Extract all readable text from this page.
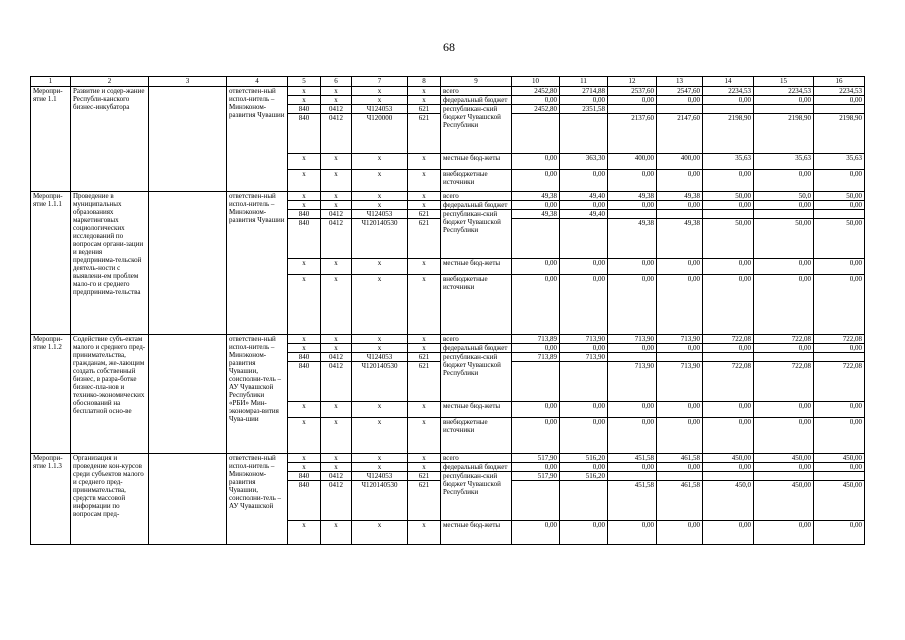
68
1	2	3	4	5	6	7	8	9	10	11	12	13	14	15	16
Меропри-ятие 1.1	Развитие и содер-жание Республи-канского бизнес-инкубатора		ответствен-ный испол-нитель – Минэконом-развития Чувашии	x	x	x	x	всего	2452,80	2714,88	2537,60	2547,60	2234,53	2234,53	2234,53
				x	x	x	x	федеральный бюджет	0,00	0,00	0,00	0,00	0,00	0,00	0,00
				840	0412	Ч124053	621	республикан-ский бюджет Чувашской Республики	2452,80	2351,58					
				840	0412	Ч120000	621				2137,60	2147,60	2198,90	2198,90	2198,90
				x	x	x	x	местные бюд-жеты	0,00	363,30	400,00	400,00	35,63	35,63	35,63
				x	x	x	x	внебюджетные источники	0,00	0,00	0,00	0,00	0,00	0,00	0,00
Меропри-ятие 1.1.1	Проведение в муниципальных образованиях маркетинговых социологических исследований по вопросам органи-зации и ведения предпринима-тельской деятель-ности с выявлени-ем проблем мало-го и среднего предпринима-тельства		ответствен-ный испол-нитель – Минэконом-развития Чувашии	x	x	x	x	всего	49,38	49,40	49,38	49,38	50,00	50,0	50,00
				x	x	x	x	федеральный бюджет	0,00	0,00	0,00	0,00	0,00	0,00	0,00
				840	0412	Ч124053	621	республикан-ский бюджет Чувашской Республики	49,38	49,40					
				840	0412	Ч120140530	621				49,38	49,38	50,00	50,00	50,00
				x	x	x	x	местные бюд-жеты	0,00	0,00	0,00	0,00	0,00	0,00	0,00
				x	x	x	x	внебюджетные источники	0,00	0,00	0,00	0,00	0,00	0,00	0,00
Меропри-ятие 1.1.2	Содействие субъ-ектам малого и среднего пред-принимательства, гражданам, же-лающим создать собственный бизнес, в разра-ботке бизнес-пла-нов и технико-экономических обоснований на бесплатной осно-ве		ответствен-ный испол-нитель – Минэконом-развития Чувашии, соисполни-тель – АУ Чувашской Республики «РБИ» Мин-экономраз-вития Чува-шии	x	x	x	x	всего	713,89	713,90	713,90	713,90	722,08	722,08	722,08
				x	x	x	x	федеральный бюджет	0,00	0,00	0,00	0,00	0,00	0,00	0,00
				840	0412	Ч124053	621	республикан-ский бюджет Чувашской Республики	713,89	713,90					
				840	0412	Ч120140530	621				713,90	713,90	722,08	722,08	722,08
				x	x	x	x	местные бюд-жеты	0,00	0,00	0,00	0,00	0,00	0,00	0,00
				x	x	x	x	внебюджетные источники	0,00	0,00	0,00	0,00	0,00	0,00	0,00
Меропри-ятие 1.1.3	Организация и проведение кон-курсов среди субъектов малого и среднего пред-принимательства, средств массовой информации по вопросам пред-		ответствен-ный испол-нитель – Минэконом-развития Чувашии, соисполни-тель – АУ Чувашской	x	x	x	x	всего	517,90	516,20	451,58	461,58	450,00	450,00	450,00
				x	x	x	x	федеральный бюджет	0,00	0,00	0,00	0,00	0,00	0,00	0,00
				840	0412	Ч124053	621	республикан-ский бюджет Чувашской Республики	517,90	516,20					
				840	0412	Ч120140530	621				451,58	461,58	450,0	450,00	450,00
				x	x	x	x	местные бюд-жеты	0,00	0,00	0,00	0,00	0,00	0,00	0,00
